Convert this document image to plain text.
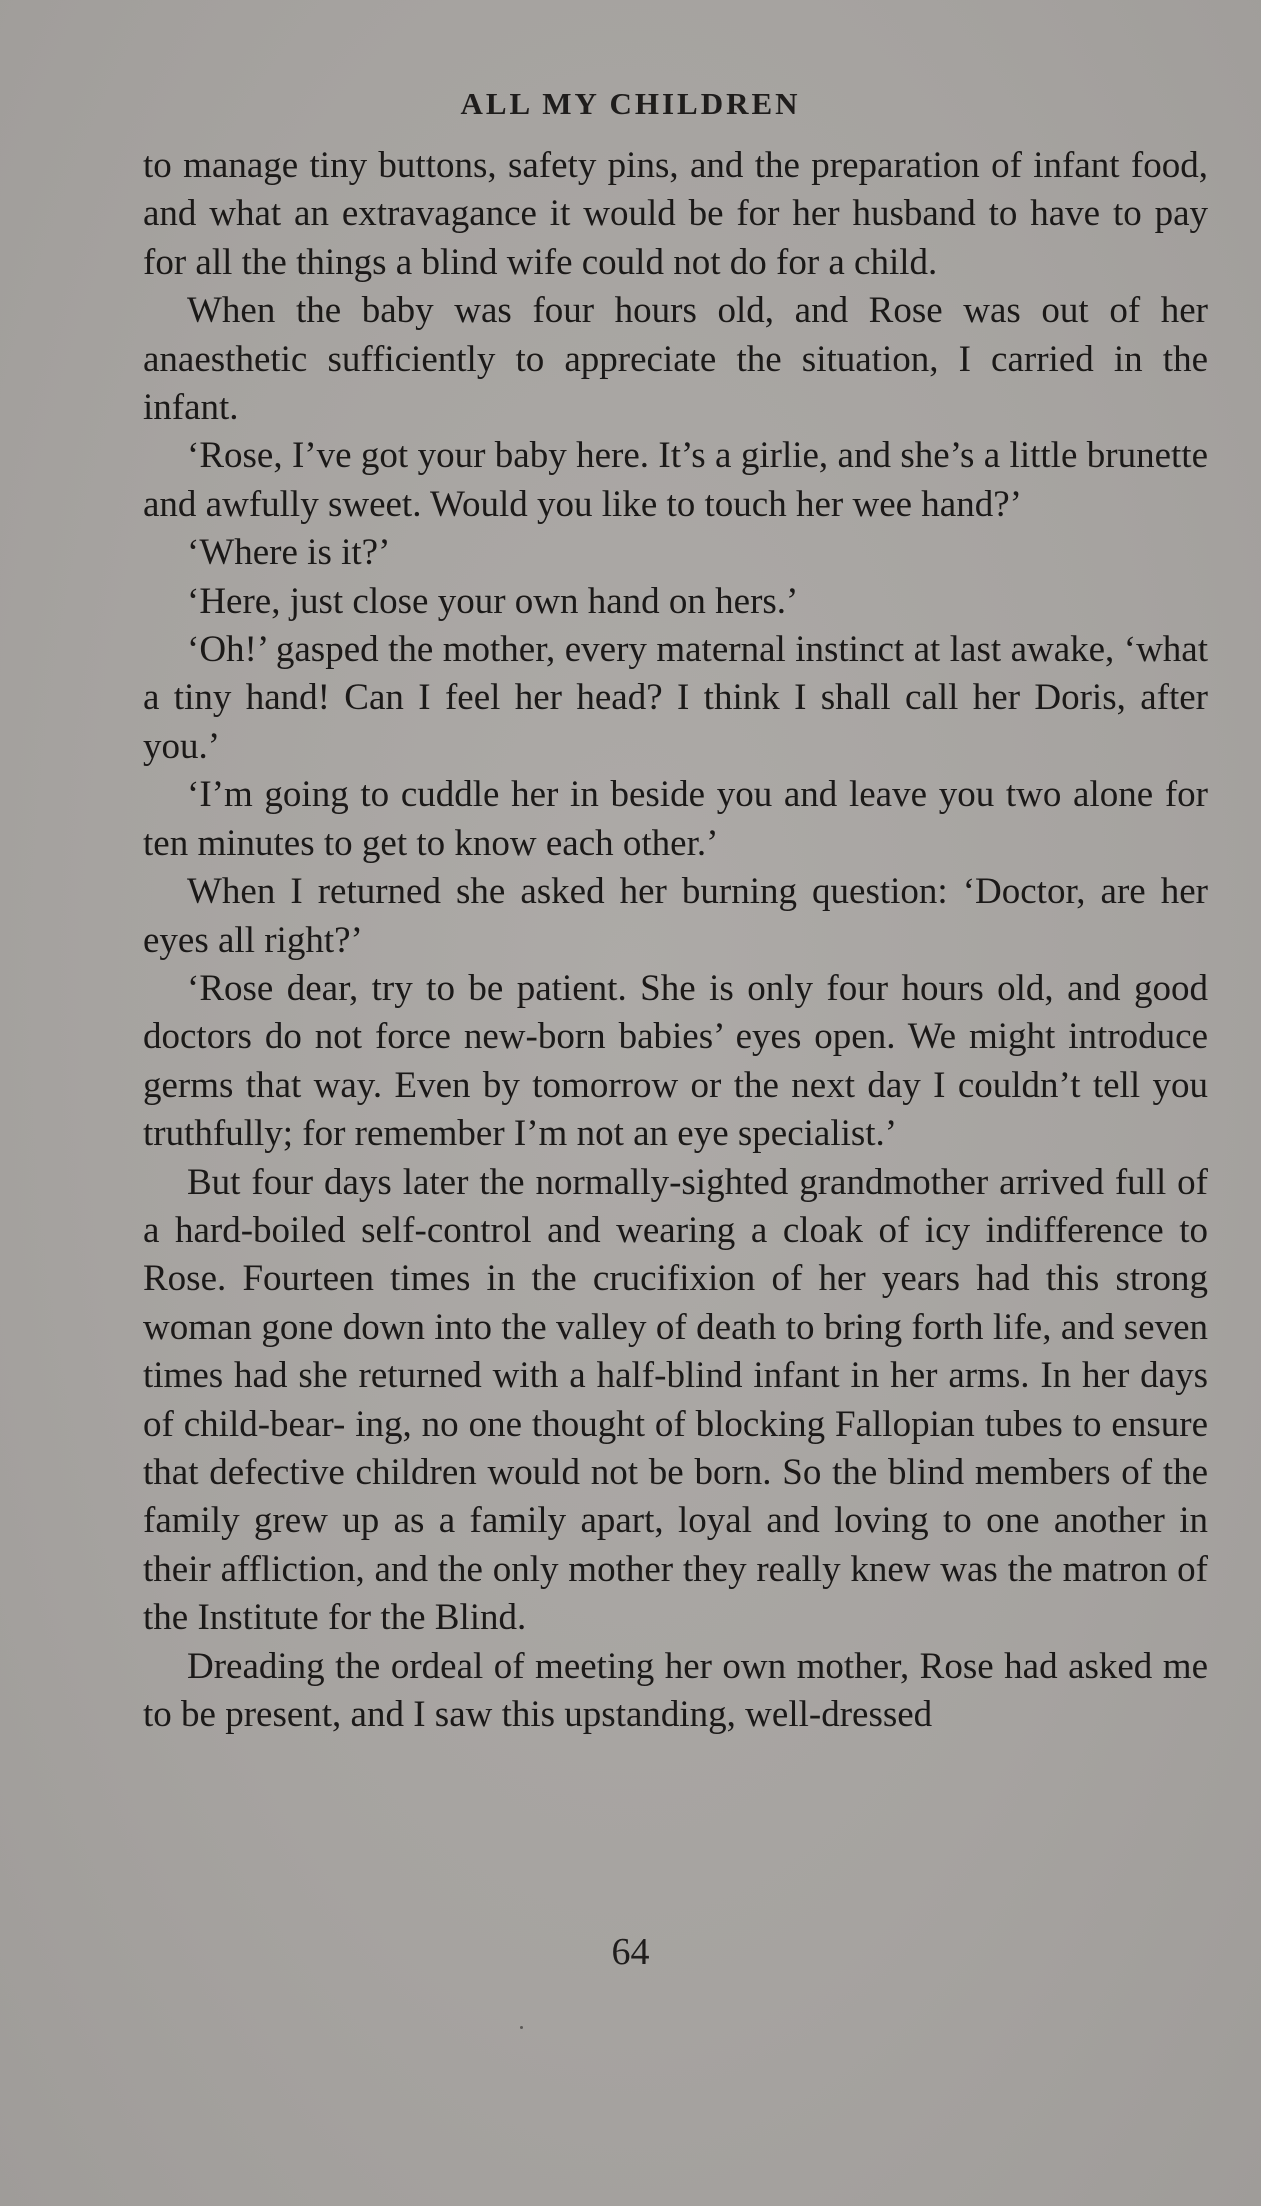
ALL MY CHILDREN

to manage tiny buttons, safety pins, and the preparation of infant food, and what an extravagance it would be for her husband to have to pay for all the things a blind wife could not do for a child.

When the baby was four hours old, and Rose was out of her anaesthetic sufficiently to appreciate the situation, I carried in the infant.

‘Rose, I’ve got your baby here. It’s a girlie, and she’s a little brunette and awfully sweet. Would you like to touch her wee hand?’

‘Where is it?’

‘Here, just close your own hand on hers.’

‘Oh!’ gasped the mother, every maternal instinct at last awake, ‘what a tiny hand! Can I feel her head? I think I shall call her Doris, after you.’

‘I’m going to cuddle her in beside you and leave you two alone for ten minutes to get to know each other.’

When I returned she asked her burning question: ‘Doctor, are her eyes all right?’

‘Rose dear, try to be patient. She is only four hours old, and good doctors do not force new-born babies’ eyes open. We might introduce germs that way. Even by tomorrow or the next day I couldn’t tell you truthfully; for remember I’m not an eye specialist.’

But four days later the normally-sighted grandmother arrived full of a hard-boiled self-control and wearing a cloak of icy indifference to Rose. Fourteen times in the crucifixion of her years had this strong woman gone down into the valley of death to bring forth life, and seven times had she returned with a half-blind infant in her arms. In her days of child-bear- ing, no one thought of blocking Fallopian tubes to ensure that defective children would not be born. So the blind members of the family grew up as a family apart, loyal and loving to one another in their affliction, and the only mother they really knew was the matron of the Institute for the Blind.

Dreading the ordeal of meeting her own mother, Rose had asked me to be present, and I saw this upstanding, well-dressed

64
